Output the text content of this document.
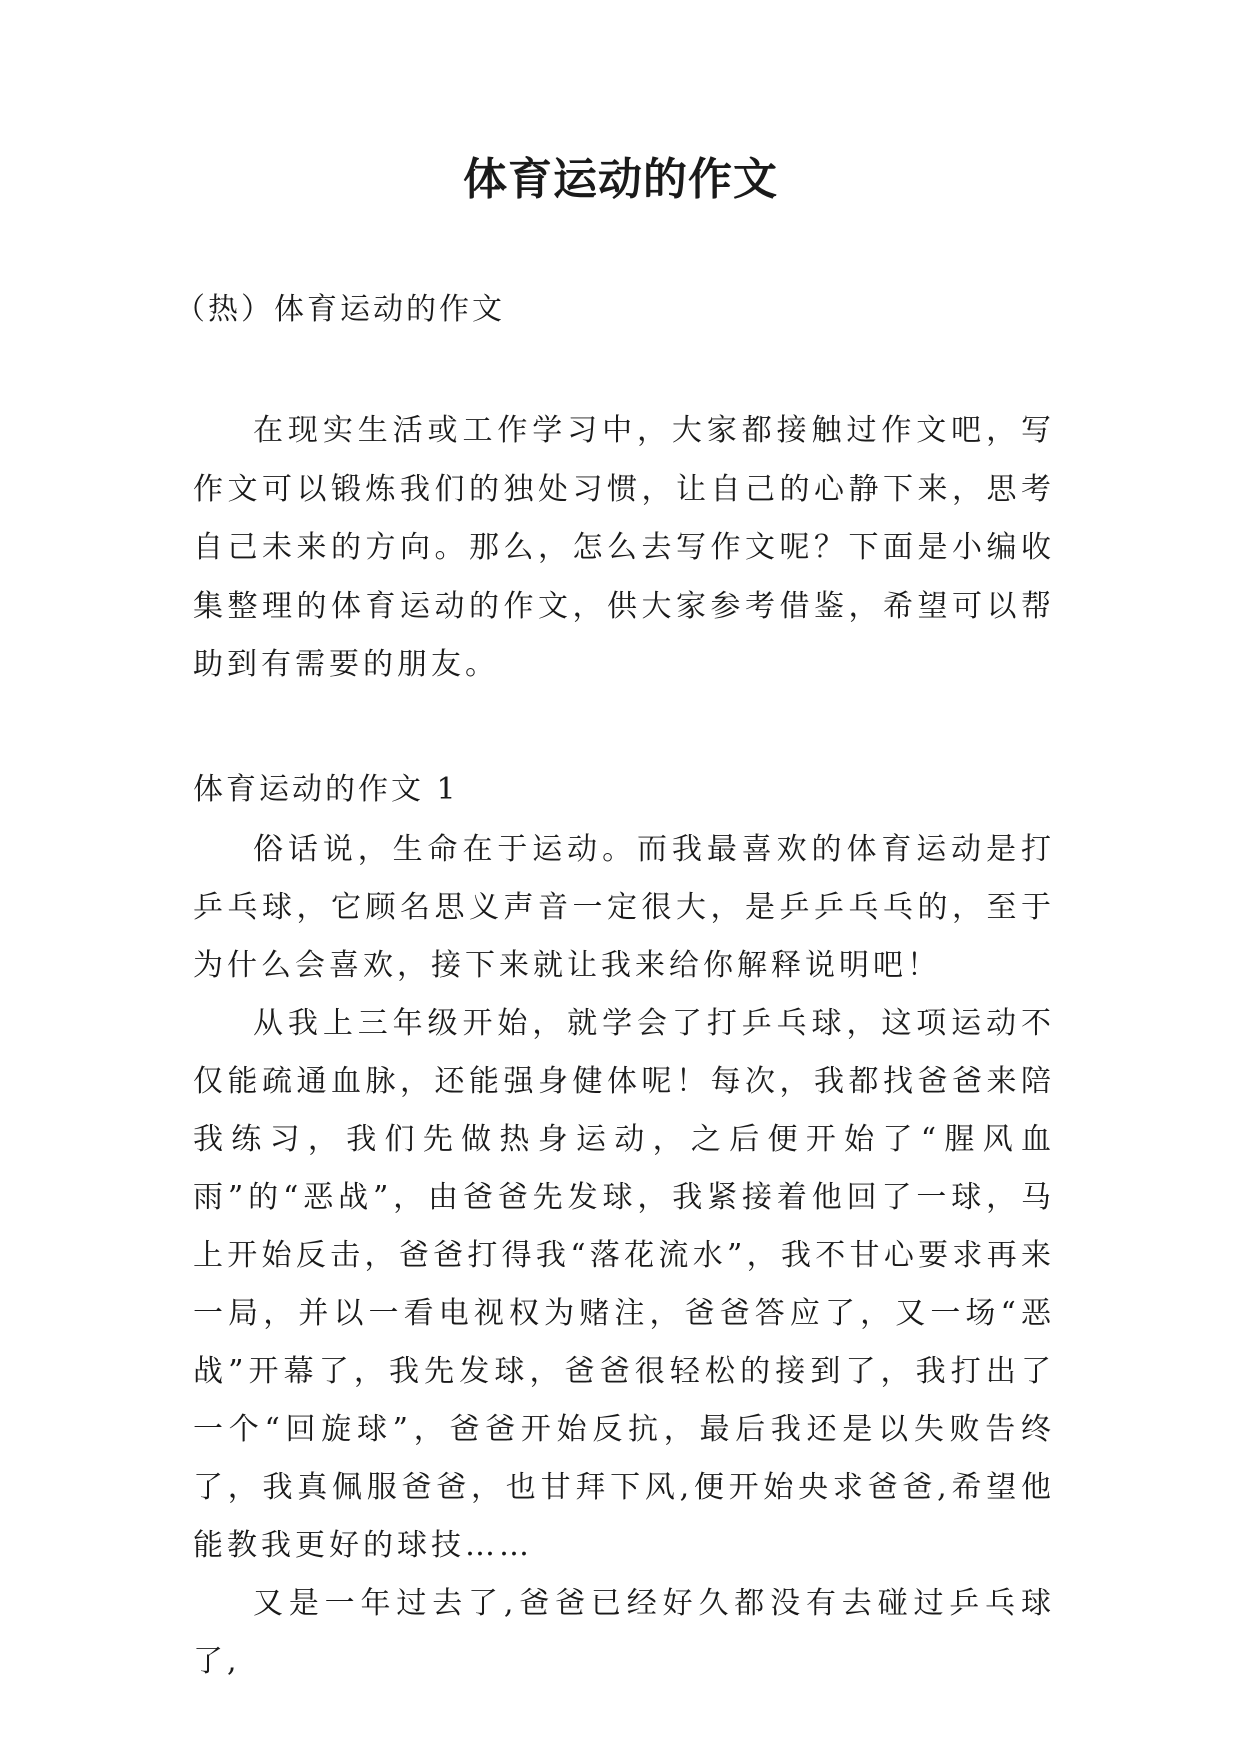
体育运动的作文

（热）体育运动的作文

在现实生活或工作学习中，大家都接触过作文吧，写作文可以锻炼我们的独处习惯，让自己的心静下来，思考自己未来的方向。那么，怎么去写作文呢？下面是小编收集整理的体育运动的作文，供大家参考借鉴，希望可以帮助到有需要的朋友。

体育运动的作文 1

俗话说，生命在于运动。而我最喜欢的体育运动是打乒乓球，它顾名思义声音一定很大，是乒乒乓乓的，至于为什么会喜欢，接下来就让我来给你解释说明吧！

从我上三年级开始，就学会了打乒乓球，这项运动不仅能疏通血脉，还能强身健体呢！每次，我都找爸爸来陪我练习，我们先做热身运动，之后便开始了“腥风血雨”的“恶战”，由爸爸先发球，我紧接着他回了一球，马上开始反击，爸爸打得我“落花流水”，我不甘心要求再来一局，并以一看电视权为赌注，爸爸答应了，又一场“恶战”开幕了，我先发球，爸爸很轻松的接到了，我打出了一个“回旋球”，爸爸开始反抗，最后我还是以失败告终了，我真佩服爸爸，也甘拜下风,便开始央求爸爸,希望他能教我更好的球技……

又是一年过去了,爸爸已经好久都没有去碰过乒乓球了,
